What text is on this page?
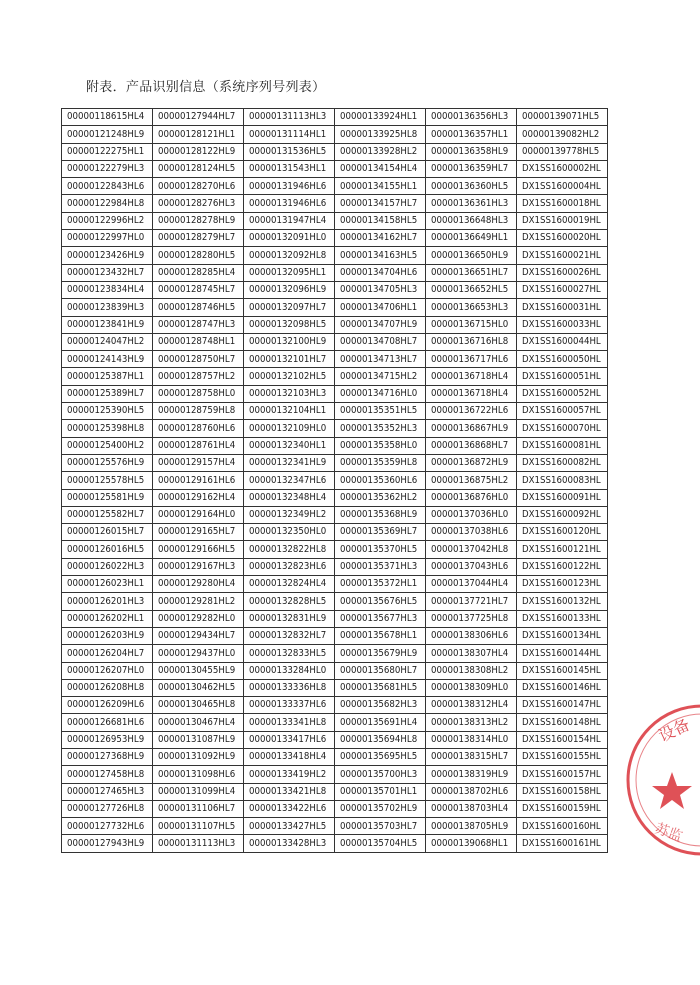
附表．产品识别信息（系统序列号列表）
00000118615HL4	00000127944HL7	00000131113HL3	00000133924HL1	00000136356HL3	00000139071HL5
00000121248HL9	00000128121HL1	00000131114HL1	00000133925HL8	00000136357HL1	00000139082HL2
00000122275HL1	00000128122HL9	00000131536HL5	00000133928HL2	00000136358HL9	00000139778HL5
00000122279HL3	00000128124HL5	00000131543HL1	00000134154HL4	00000136359HL7	DX1SS1600002HL
00000122843HL6	00000128270HL6	00000131946HL6	00000134155HL1	00000136360HL5	DX1SS1600004HL
00000122984HL8	00000128276HL3	00000131946HL6	00000134157HL7	00000136361HL3	DX1SS1600018HL
00000122996HL2	00000128278HL9	00000131947HL4	00000134158HL5	00000136648HL3	DX1SS1600019HL
00000122997HL0	00000128279HL7	00000132091HL0	00000134162HL7	00000136649HL1	DX1SS1600020HL
00000123426HL9	00000128280HL5	00000132092HL8	00000134163HL5	00000136650HL9	DX1SS1600021HL
00000123432HL7	00000128285HL4	00000132095HL1	00000134704HL6	00000136651HL7	DX1SS1600026HL
00000123834HL4	00000128745HL7	00000132096HL9	00000134705HL3	00000136652HL5	DX1SS1600027HL
00000123839HL3	00000128746HL5	00000132097HL7	00000134706HL1	00000136653HL3	DX1SS1600031HL
00000123841HL9	00000128747HL3	00000132098HL5	00000134707HL9	00000136715HL0	DX1SS1600033HL
00000124047HL2	00000128748HL1	00000132100HL9	00000134708HL7	00000136716HL8	DX1SS1600044HL
00000124143HL9	00000128750HL7	00000132101HL7	00000134713HL7	00000136717HL6	DX1SS1600050HL
00000125387HL1	00000128757HL2	00000132102HL5	00000134715HL2	00000136718HL4	DX1SS1600051HL
00000125389HL7	00000128758HL0	00000132103HL3	00000134716HL0	00000136718HL4	DX1SS1600052HL
00000125390HL5	00000128759HL8	00000132104HL1	00000135351HL5	00000136722HL6	DX1SS1600057HL
00000125398HL8	00000128760HL6	00000132109HL0	00000135352HL3	00000136867HL9	DX1SS1600070HL
00000125400HL2	00000128761HL4	00000132340HL1	00000135358HL0	00000136868HL7	DX1SS1600081HL
00000125576HL9	00000129157HL4	00000132341HL9	00000135359HL8	00000136872HL9	DX1SS1600082HL
00000125578HL5	00000129161HL6	00000132347HL6	00000135360HL6	00000136875HL2	DX1SS1600083HL
00000125581HL9	00000129162HL4	00000132348HL4	00000135362HL2	00000136876HL0	DX1SS1600091HL
00000125582HL7	00000129164HL0	00000132349HL2	00000135368HL9	00000137036HL0	DX1SS1600092HL
00000126015HL7	00000129165HL7	00000132350HL0	00000135369HL7	00000137038HL6	DX1SS1600120HL
00000126016HL5	00000129166HL5	00000132822HL8	00000135370HL5	00000137042HL8	DX1SS1600121HL
00000126022HL3	00000129167HL3	00000132823HL6	00000135371HL3	00000137043HL6	DX1SS1600122HL
00000126023HL1	00000129280HL4	00000132824HL4	00000135372HL1	00000137044HL4	DX1SS1600123HL
00000126201HL3	00000129281HL2	00000132828HL5	00000135676HL5	00000137721HL7	DX1SS1600132HL
00000126202HL1	00000129282HL0	00000132831HL9	00000135677HL3	00000137725HL8	DX1SS1600133HL
00000126203HL9	00000129434HL7	00000132832HL7	00000135678HL1	00000138306HL6	DX1SS1600134HL
00000126204HL7	00000129437HL0	00000132833HL5	00000135679HL9	00000138307HL4	DX1SS1600144HL
00000126207HL0	00000130455HL9	00000133284HL0	00000135680HL7	00000138308HL2	DX1SS1600145HL
00000126208HL8	00000130462HL5	00000133336HL8	00000135681HL5	00000138309HL0	DX1SS1600146HL
00000126209HL6	00000130465HL8	00000133337HL6	00000135682HL3	00000138312HL4	DX1SS1600147HL
00000126681HL6	00000130467HL4	00000133341HL8	00000135691HL4	00000138313HL2	DX1SS1600148HL
00000126953HL9	00000131087HL9	00000133417HL6	00000135694HL8	00000138314HL0	DX1SS1600154HL
00000127368HL9	00000131092HL9	00000133418HL4	00000135695HL5	00000138315HL7	DX1SS1600155HL
00000127458HL8	00000131098HL6	00000133419HL2	00000135700HL3	00000138319HL9	DX1SS1600157HL
00000127465HL3	00000131099HL4	00000133421HL8	00000135701HL1	00000138702HL6	DX1SS1600158HL
00000127726HL8	00000131106HL7	00000133422HL6	00000135702HL9	00000138703HL4	DX1SS1600159HL
00000127732HL6	00000131107HL5	00000133427HL5	00000135703HL7	00000138705HL9	DX1SS1600160HL
00000127943HL9	00000131113HL3	00000133428HL3	00000135704HL5	00000139068HL1	DX1SS1600161HL
设备
苏监
